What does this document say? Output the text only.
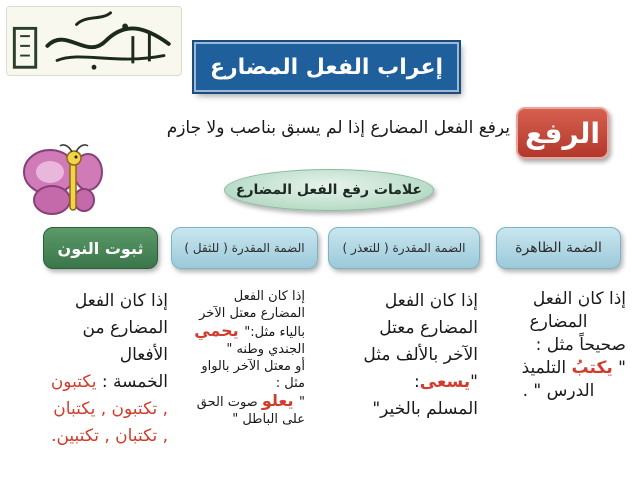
إعراب الفعل المضارع
الرفع
يرفع الفعل المضارع إذا لم يسبق بناصب ولا جازم
علامات رفع الفعل المضارع
الضمة الظاهرة
الضمة المقدرة ( للتعذر )
الضمة المقدرة ( للثقل )
ثبوت النون
إذا كان الفعل
المضارع
صحيحاً مثل :
" يكتبُ التلميذ
الدرس " .
إذا كان الفعل
المضارع معتل
الآخر بالألف مثل
"يسعى:
المسلم بالخير"
إذا كان الفعل
المضارع معتل الآخر
بالياء مثل:" يحمي
الجندي وطنه "
أو معتل الآخر بالواو
مثل :
" يعلو صوت الحق
على الباطل "
إذا كان الفعل
المضارع من
الأفعال
الخمسة : يكتبون
, تكتبون , يكتبان
, تكتبان , تكتبين.
